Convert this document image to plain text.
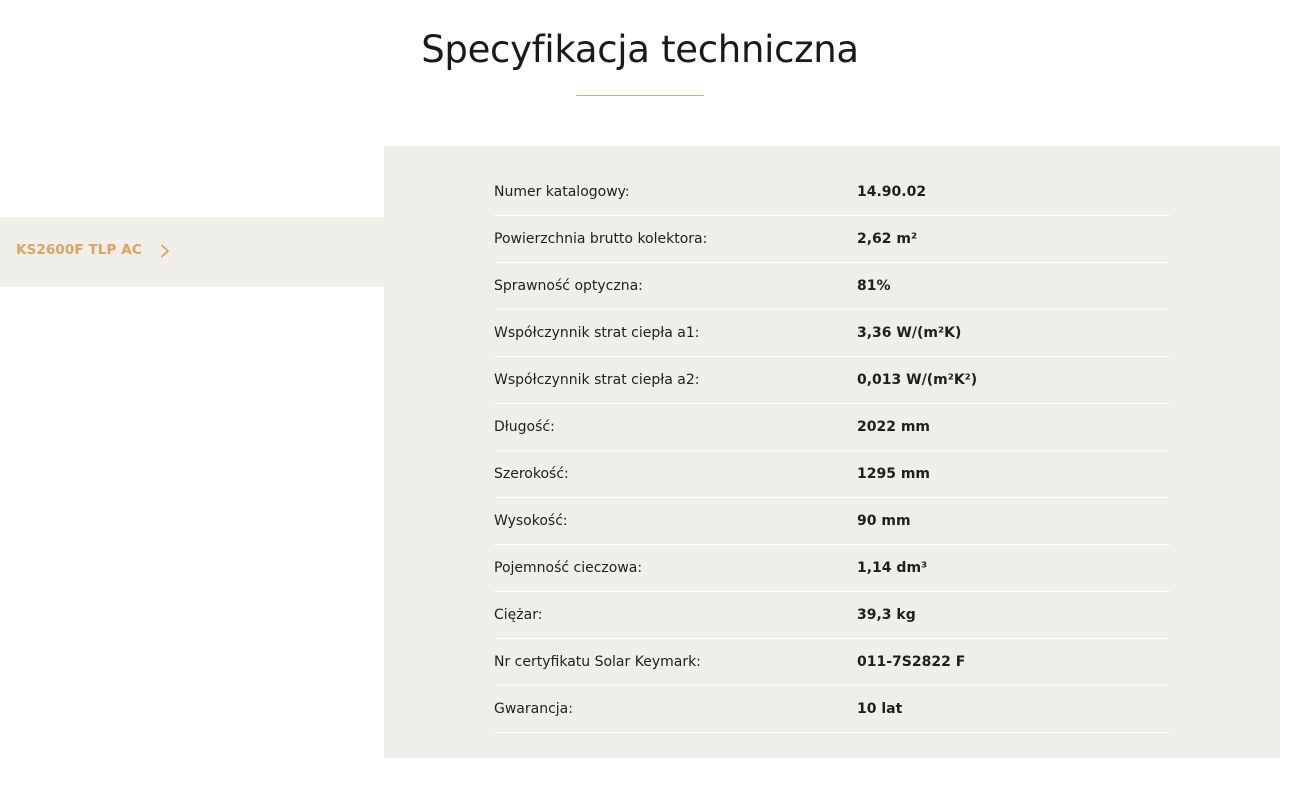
Specyfikacja techniczna
KS2600F TLP AC
Numer katalogowy:	14.90.02
Powierzchnia brutto kolektora:	2,62 m²
Sprawność optyczna:	81%
Współczynnik strat ciepła a1:	3,36 W/(m²K)
Współczynnik strat ciepła a2:	0,013 W/(m²K²)
Długość:	2022 mm
Szerokość:	1295 mm
Wysokość:	90 mm
Pojemność cieczowa:	1,14 dm³
Ciężar:	39,3 kg
Nr certyfikatu Solar Keymark:	011-7S2822 F
Gwarancja:	10 lat
